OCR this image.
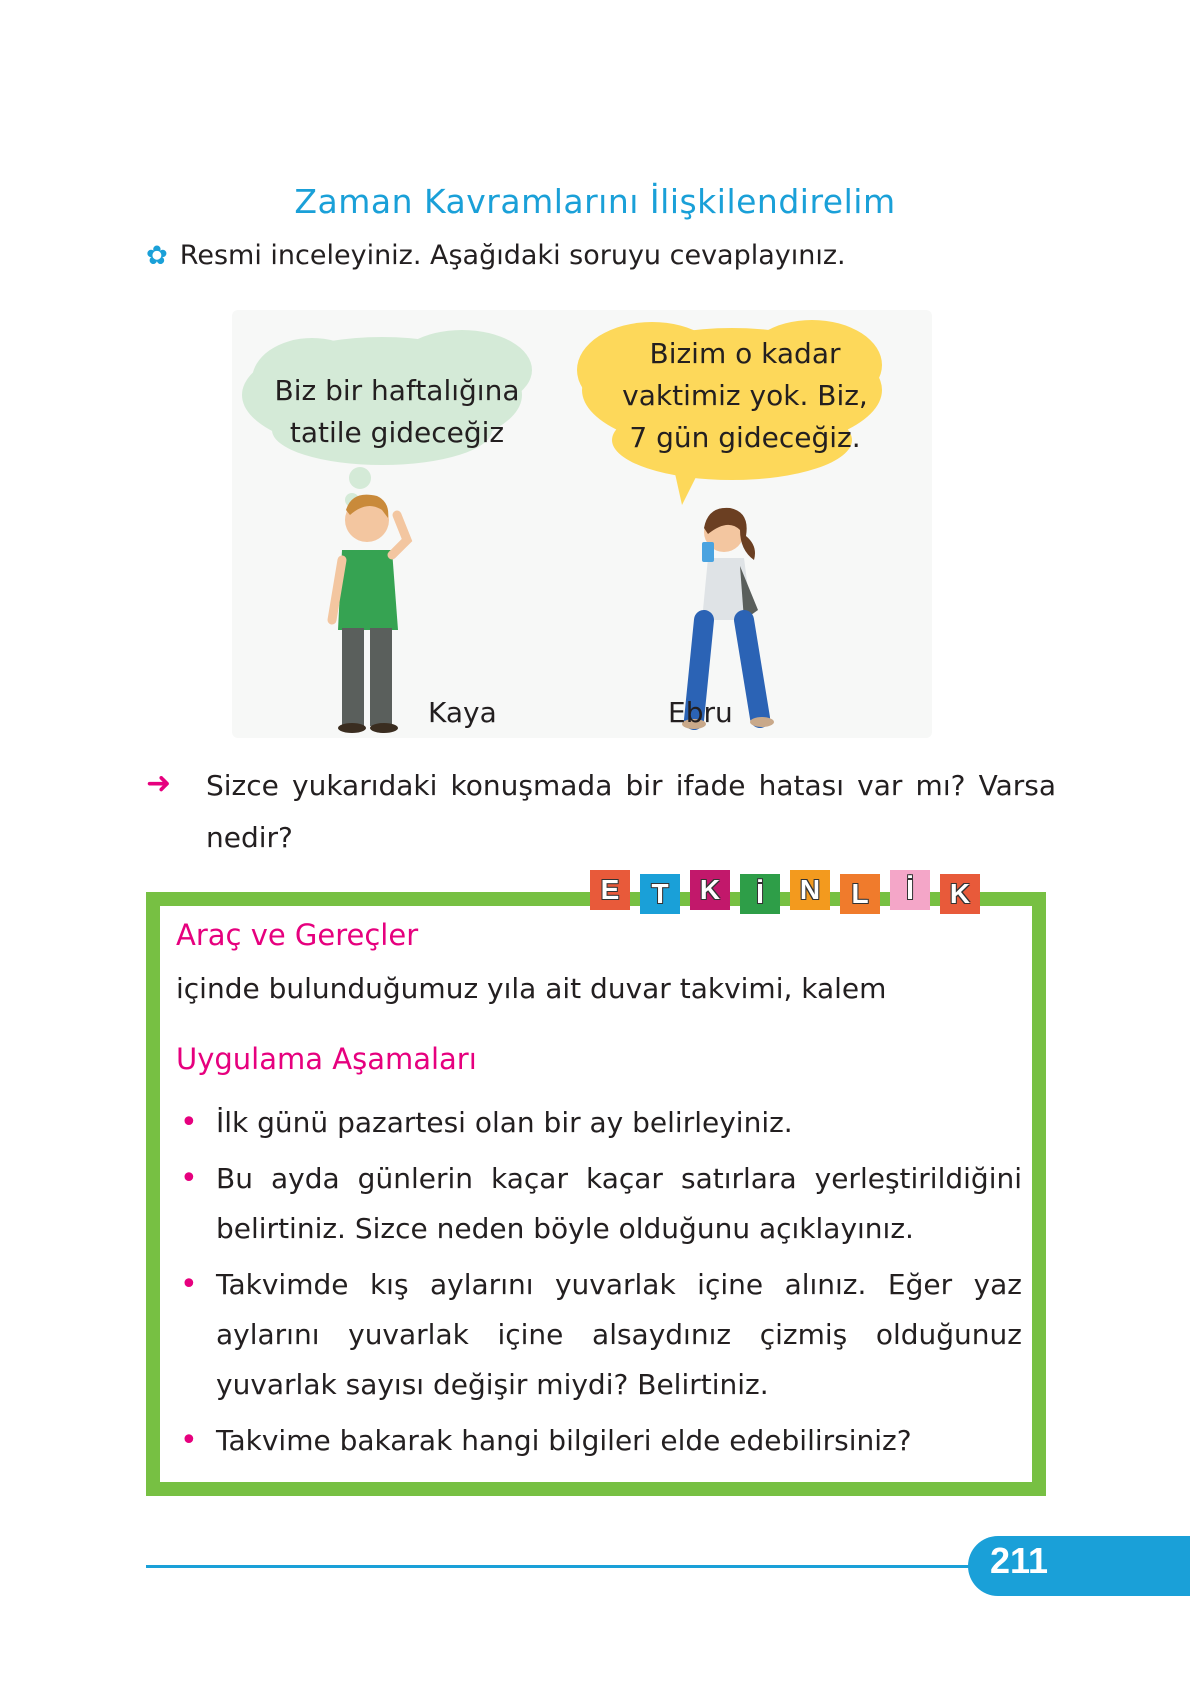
Zaman Kavramlarını İlişkilendirelim
✿ Resmi inceleyiniz. Aşağıdaki soruyu cevaplayınız.
Biz bir haftalığına
tatile gideceğiz
Bizim o kadar
vaktimiz yok. Biz,
7 gün gideceğiz.
Kaya	Ebru
➜ Sizce yukarıdaki konuşmada bir ifade hatası var mı? Varsa nedir?
E	T	K	İ	N	L	İ	K
Araç ve Gereçler
içinde bulunduğumuz yıla ait duvar takvimi, kalem
Uygulama Aşamaları
• İlk günü pazartesi olan bir ay belirleyiniz.
• Bu ayda günlerin kaçar kaçar satırlara yerleştirildiğini belirtiniz. Sizce neden böyle olduğunu açıklayınız.
• Takvimde kış aylarını yuvarlak içine alınız. Eğer yaz aylarını yuvarlak içine alsaydınız çizmiş olduğunuz yuvarlak sayısı değişir miydi? Belirtiniz.
• Takvime bakarak hangi bilgileri elde edebilirsiniz?
211
